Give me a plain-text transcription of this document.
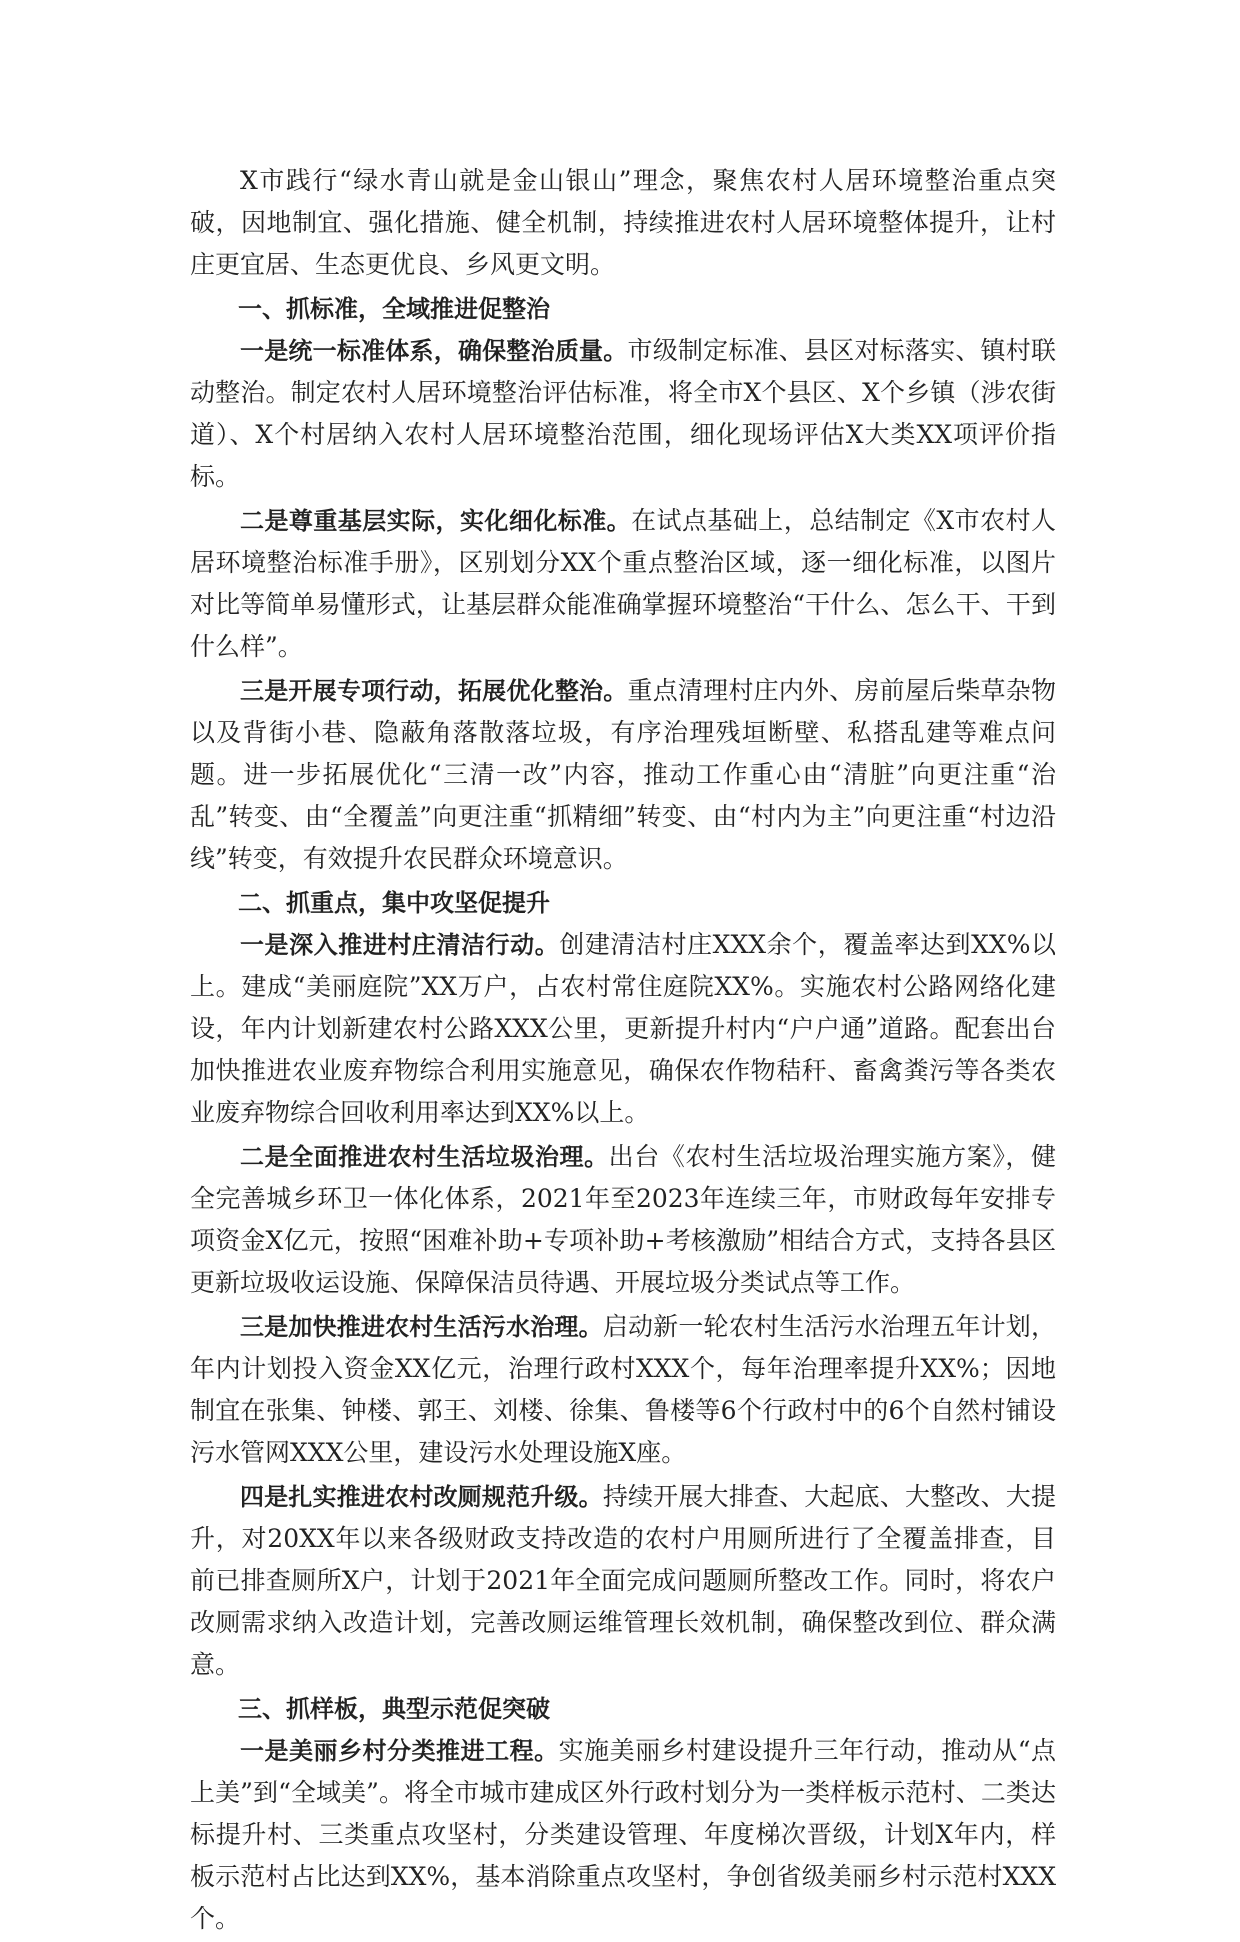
X市践行“绿水青山就是金山银山”理念，聚焦农村人居环境整治重点突破，因地制宜、强化措施、健全机制，持续推进农村人居环境整体提升，让村庄更宜居、生态更优良、乡风更文明。

一、抓标准，全域推进促整治

一是统一标准体系，确保整治质量。市级制定标准、县区对标落实、镇村联动整治。制定农村人居环境整治评估标准，将全市X个县区、X个乡镇（涉农街道）、X个村居纳入农村人居环境整治范围，细化现场评估X大类XX项评价指标。

二是尊重基层实际，实化细化标准。在试点基础上，总结制定《X市农村人居环境整治标准手册》，区别划分XX个重点整治区域，逐一细化标准，以图片对比等简单易懂形式，让基层群众能准确掌握环境整治“干什么、怎么干、干到什么样”。

三是开展专项行动，拓展优化整治。重点清理村庄内外、房前屋后柴草杂物以及背街小巷、隐蔽角落散落垃圾，有序治理残垣断壁、私搭乱建等难点问题。进一步拓展优化“三清一改”内容，推动工作重心由“清脏”向更注重“治乱”转变、由“全覆盖”向更注重“抓精细”转变、由“村内为主”向更注重“村边沿线”转变，有效提升农民群众环境意识。

二、抓重点，集中攻坚促提升

一是深入推进村庄清洁行动。创建清洁村庄XXX余个，覆盖率达到XX%以上。建成“美丽庭院”XX万户，占农村常住庭院XX%。实施农村公路网络化建设，年内计划新建农村公路XXX公里，更新提升村内“户户通”道路。配套出台加快推进农业废弃物综合利用实施意见，确保农作物秸秆、畜禽粪污等各类农业废弃物综合回收利用率达到XX%以上。

二是全面推进农村生活垃圾治理。出台《农村生活垃圾治理实施方案》，健全完善城乡环卫一体化体系，2021年至2023年连续三年，市财政每年安排专项资金X亿元，按照“困难补助+专项补助+考核激励”相结合方式，支持各县区更新垃圾收运设施、保障保洁员待遇、开展垃圾分类试点等工作。

三是加快推进农村生活污水治理。启动新一轮农村生活污水治理五年计划，年内计划投入资金XX亿元，治理行政村XXX个，每年治理率提升XX%；因地制宜在张集、钟楼、郭王、刘楼、徐集、鲁楼等6个行政村中的6个自然村铺设污水管网XXX公里，建设污水处理设施X座。

四是扎实推进农村改厕规范升级。持续开展大排查、大起底、大整改、大提升，对20XX年以来各级财政支持改造的农村户用厕所进行了全覆盖排查，目前已排查厕所X户，计划于2021年全面完成问题厕所整改工作。同时，将农户改厕需求纳入改造计划，完善改厕运维管理长效机制，确保整改到位、群众满意。

三、抓样板，典型示范促突破

一是美丽乡村分类推进工程。实施美丽乡村建设提升三年行动，推动从“点上美”到“全域美”。将全市城市建成区外行政村划分为一类样板示范村、二类达标提升村、三类重点攻坚村，分类建设管理、年度梯次晋级，计划X年内，样板示范村占比达到XX%，基本消除重点攻坚村，争创省级美丽乡村示范村XXX个。
